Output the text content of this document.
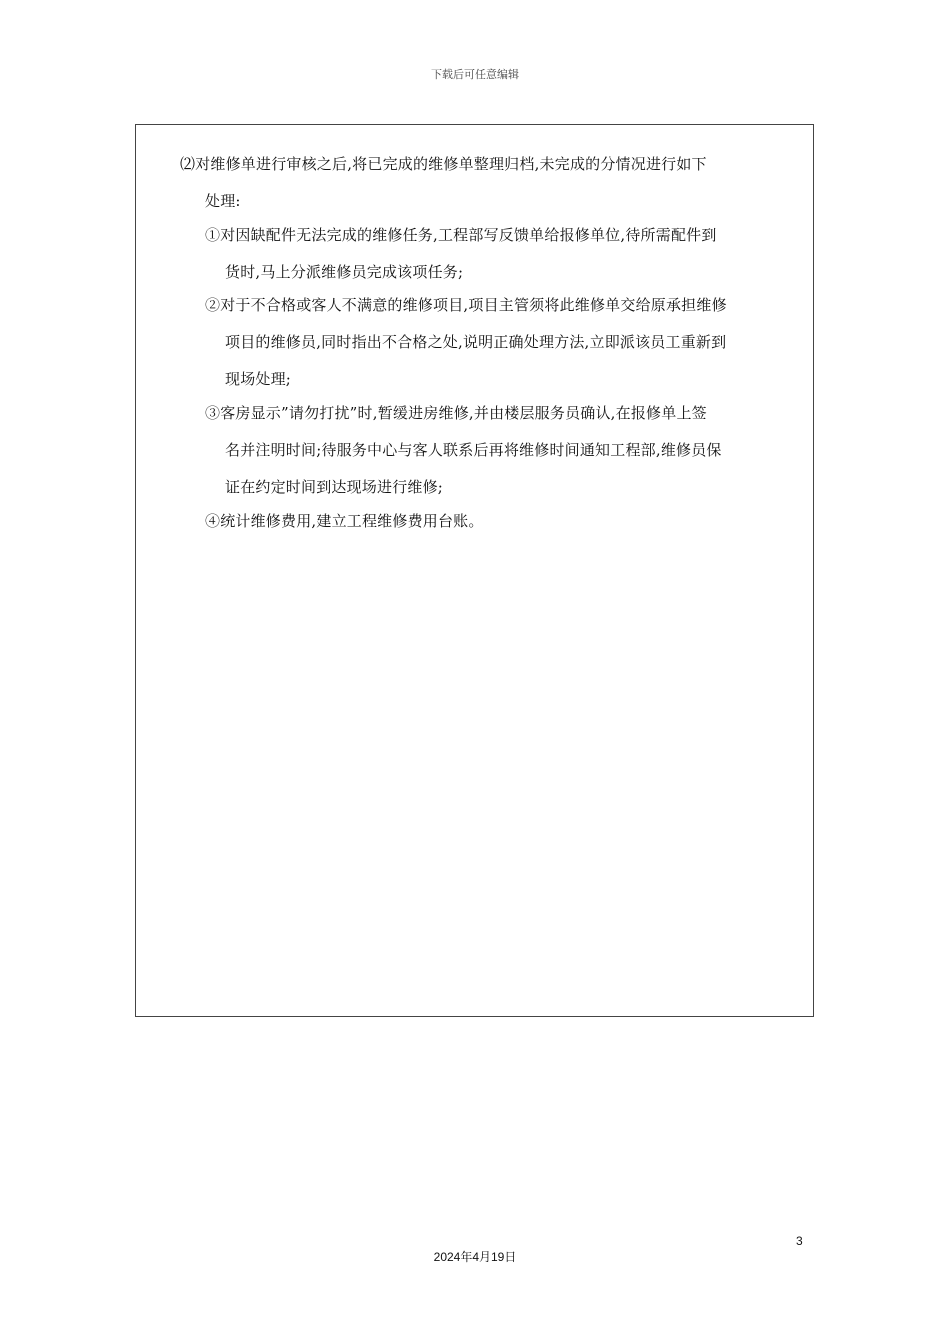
下载后可任意编辑
⑵对维修单进行审核之后,将已完成的维修单整理归档,未完成的分情况进行如下
处理:
①对因缺配件无法完成的维修任务,工程部写反馈单给报修单位,待所需配件到
货时,马上分派维修员完成该项任务;
②对于不合格或客人不满意的维修项目,项目主管须将此维修单交给原承担维修
项目的维修员,同时指出不合格之处,说明正确处理方法,立即派该员工重新到
现场处理;
③客房显示”请勿打扰”时,暂缓进房维修,并由楼层服务员确认,在报修单上签
名并注明时间;待服务中心与客人联系后再将维修时间通知工程部,维修员保
证在约定时间到达现场进行维修;
④统计维修费用,建立工程维修费用台账。
3
2024年4月19日
